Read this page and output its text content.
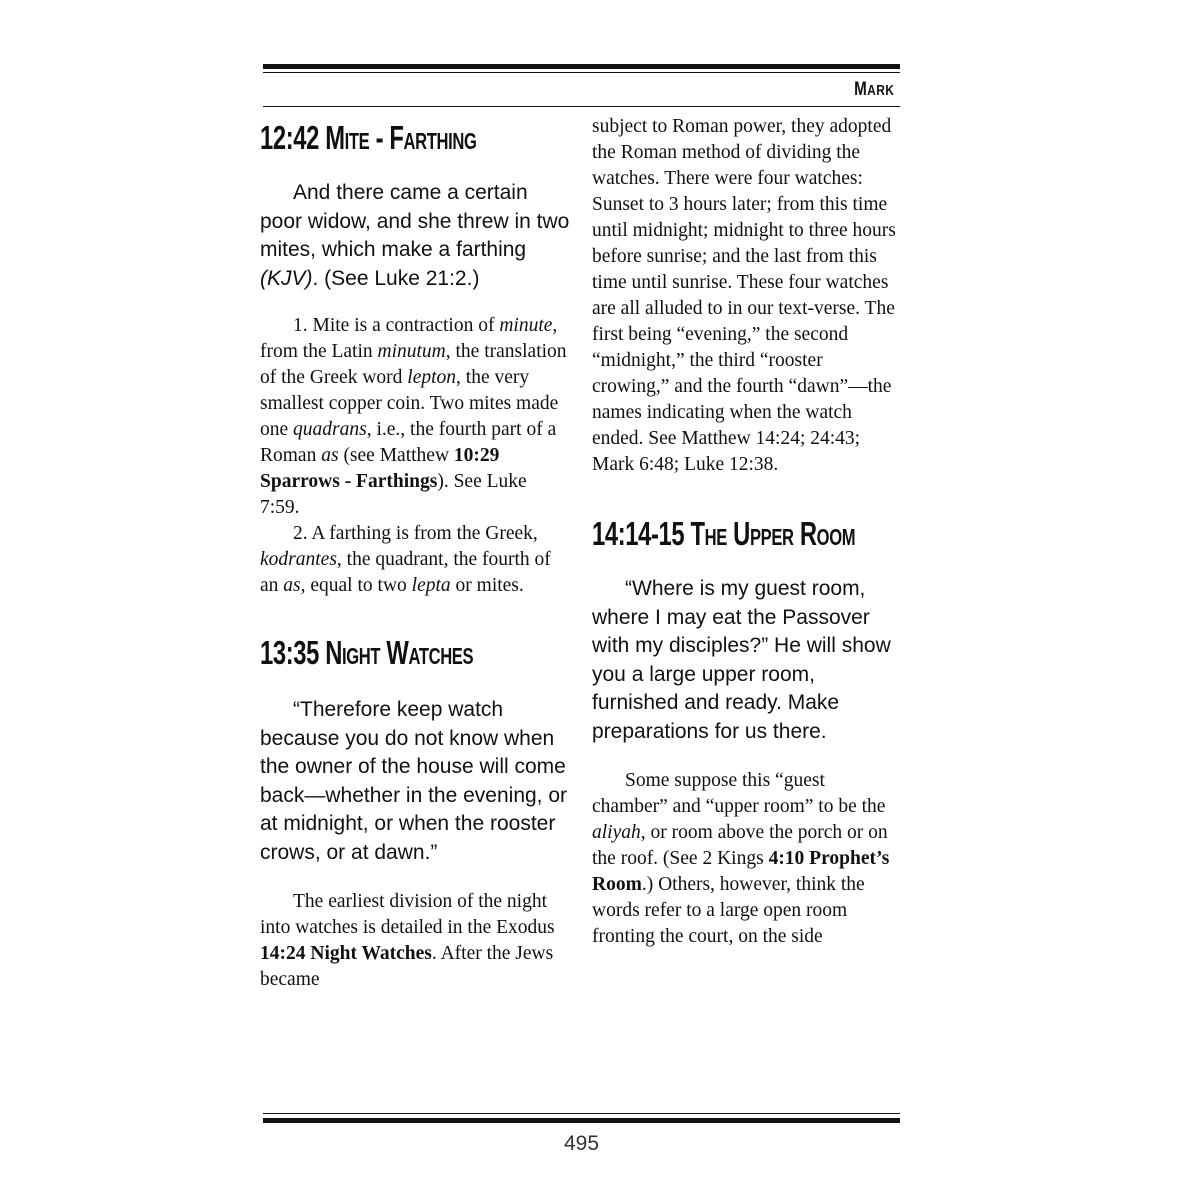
MARK
12:42 MITE - FARTHING

And there came a certain poor widow, and she threw in two mites, which make a farthing (KJV). (See Luke 21:2.)

1. Mite is a contraction of minute, from the Latin minutum, the translation of the Greek word lepton, the very smallest copper coin. Two mites made one quadrans, i.e., the fourth part of a Roman as (see Matthew 10:29 Sparrows - Farthings). See Luke 7:59.

2. A farthing is from the Greek, kodrantes, the quadrant, the fourth of an as, equal to two lepta or mites.

13:35 NIGHT WATCHES

“Therefore keep watch because you do not know when the owner of the house will come back—whether in the evening, or at midnight, or when the rooster crows, or at dawn.”

The earliest division of the night into watches is detailed in the Exodus 14:24 Night Watches. After the Jews became

subject to Roman power, they adopted the Roman method of dividing the watches. There were four watches: Sunset to 3 hours later; from this time until midnight; midnight to three hours before sunrise; and the last from this time until sunrise. These four watches are all alluded to in our text-verse. The first being “evening,” the second “midnight,” the third “rooster crowing,” and the fourth “dawn”—the names indicating when the watch ended. See Matthew 14:24; 24:43; Mark 6:48; Luke 12:38.

14:14-15 THE UPPER ROOM

“Where is my guest room, where I may eat the Passover with my disciples?” He will show you a large upper room, furnished and ready. Make preparations for us there.

Some suppose this “guest chamber” and “upper room” to be the aliyah, or room above the porch or on the roof. (See 2 Kings 4:10 Prophet’s Room.) Others, however, think the words refer to a large open room fronting the court, on the side

495
